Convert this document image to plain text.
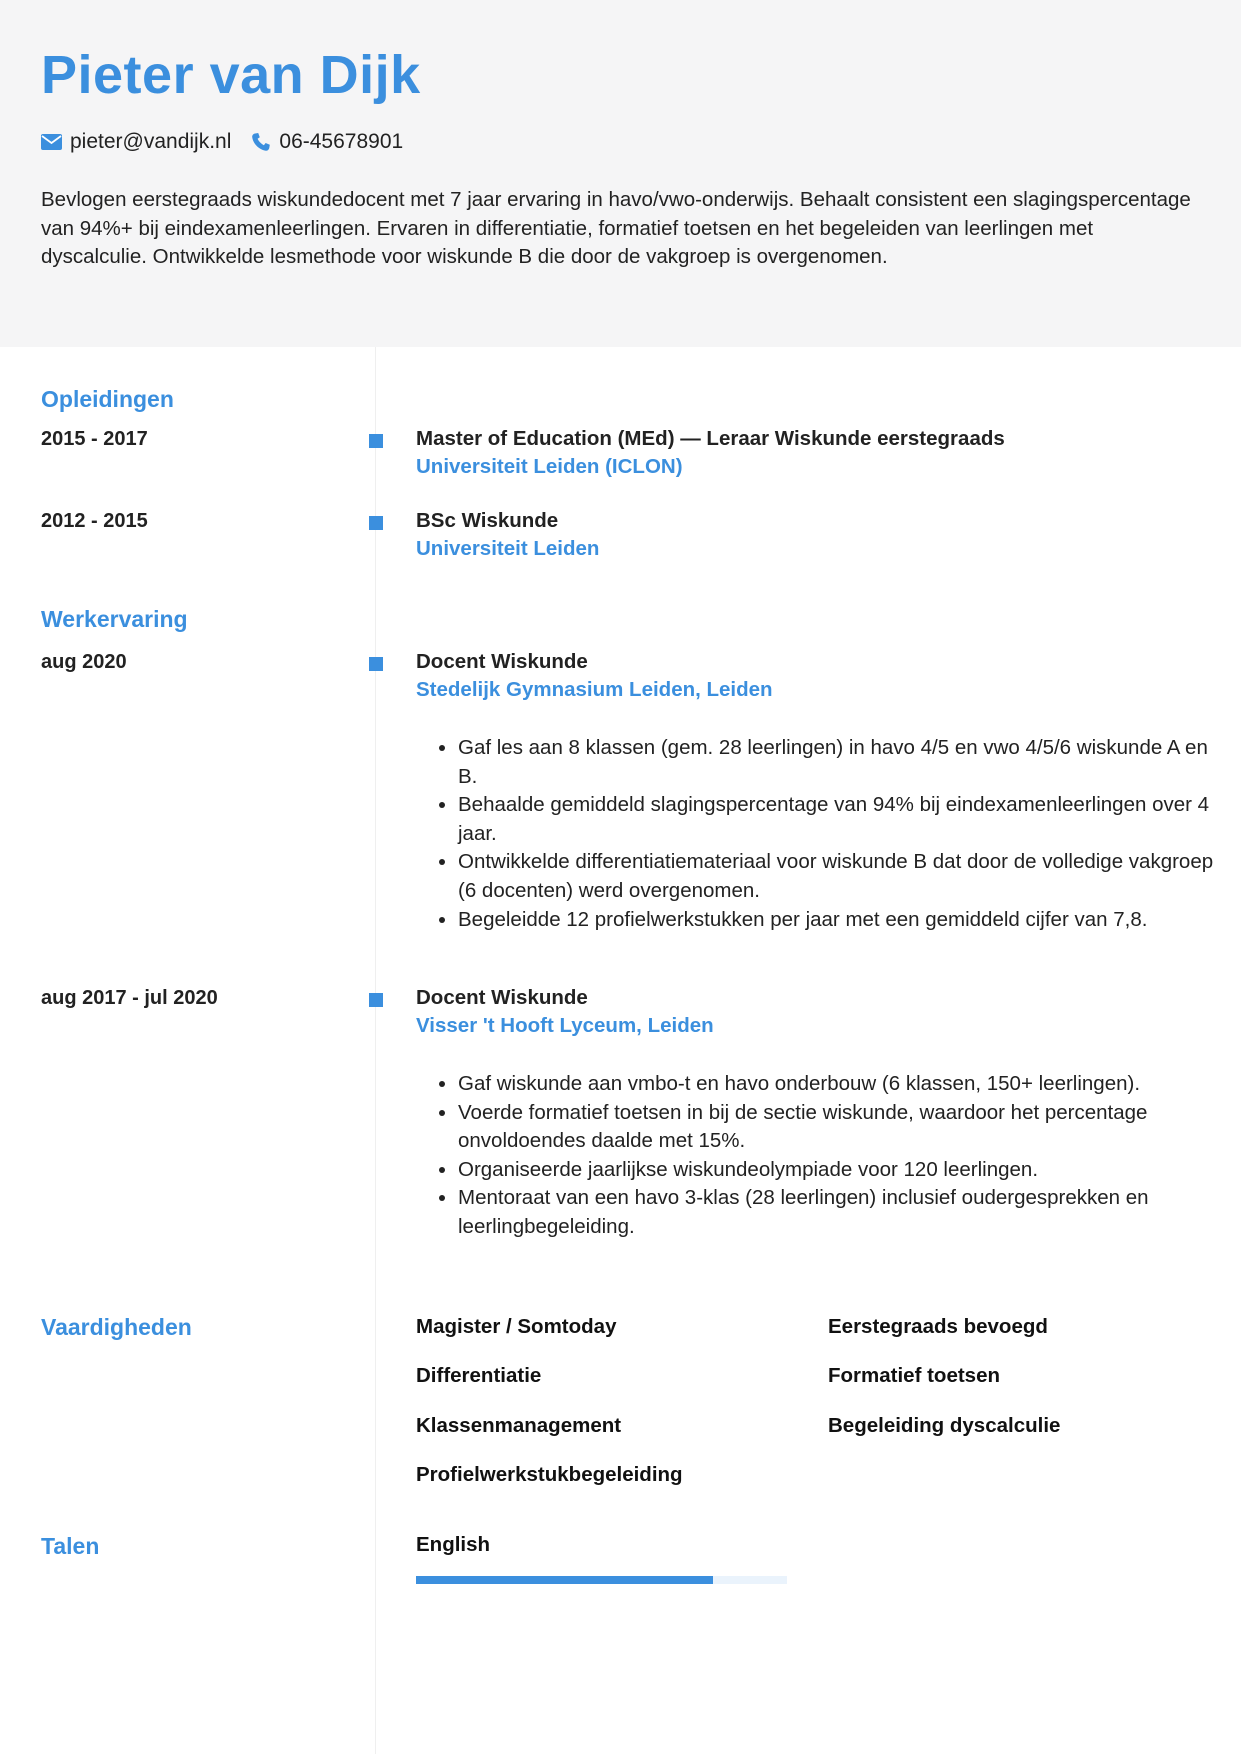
Pieter van Dijk
pieter@vandijk.nl 06-45678901

Bevlogen eerstegraads wiskundedocent met 7 jaar ervaring in havo/vwo-onderwijs. Behaalt consistent een slagingspercentage van 94%+ bij eindexamenleerlingen. Ervaren in differentiatie, formatief toetsen en het begeleiden van leerlingen met dyscalculie. Ontwikkelde lesmethode voor wiskunde B die door de vakgroep is overgenomen.

Opleidingen
2015 - 2017	Master of Education (MEd) — Leraar Wiskunde eerstegraads
Universiteit Leiden (ICLON)
2012 - 2015	BSc Wiskunde
Universiteit Leiden
Werkervaring
aug 2020	Docent Wiskunde
Stedelijk Gymnasium Leiden, Leiden
• Gaf les aan 8 klassen (gem. 28 leerlingen) in havo 4/5 en vwo 4/5/6 wiskunde A en B.
• Behaalde gemiddeld slagingspercentage van 94% bij eindexamenleerlingen over 4 jaar.
• Ontwikkelde differentiatiemateriaal voor wiskunde B dat door de volledige vakgroep (6 docenten) werd overgenomen.
• Begeleidde 12 profielwerkstukken per jaar met een gemiddeld cijfer van 7,8.
aug 2017 - jul 2020	Docent Wiskunde
Visser 't Hooft Lyceum, Leiden
• Gaf wiskunde aan vmbo-t en havo onderbouw (6 klassen, 150+ leerlingen).
• Voerde formatief toetsen in bij de sectie wiskunde, waardoor het percentage onvoldoendes daalde met 15%.
• Organiseerde jaarlijkse wiskundeolympiade voor 120 leerlingen.
• Mentoraat van een havo 3-klas (28 leerlingen) inclusief oudergesprekken en leerlingbegeleiding.
Vaardigheden	Magister / Somtoday	Eerstegraads bevoegd
Differentiatie	Formatief toetsen
Klassenmanagement	Begeleiding dyscalculie
Profielwerkstukbegeleiding
Talen	English
